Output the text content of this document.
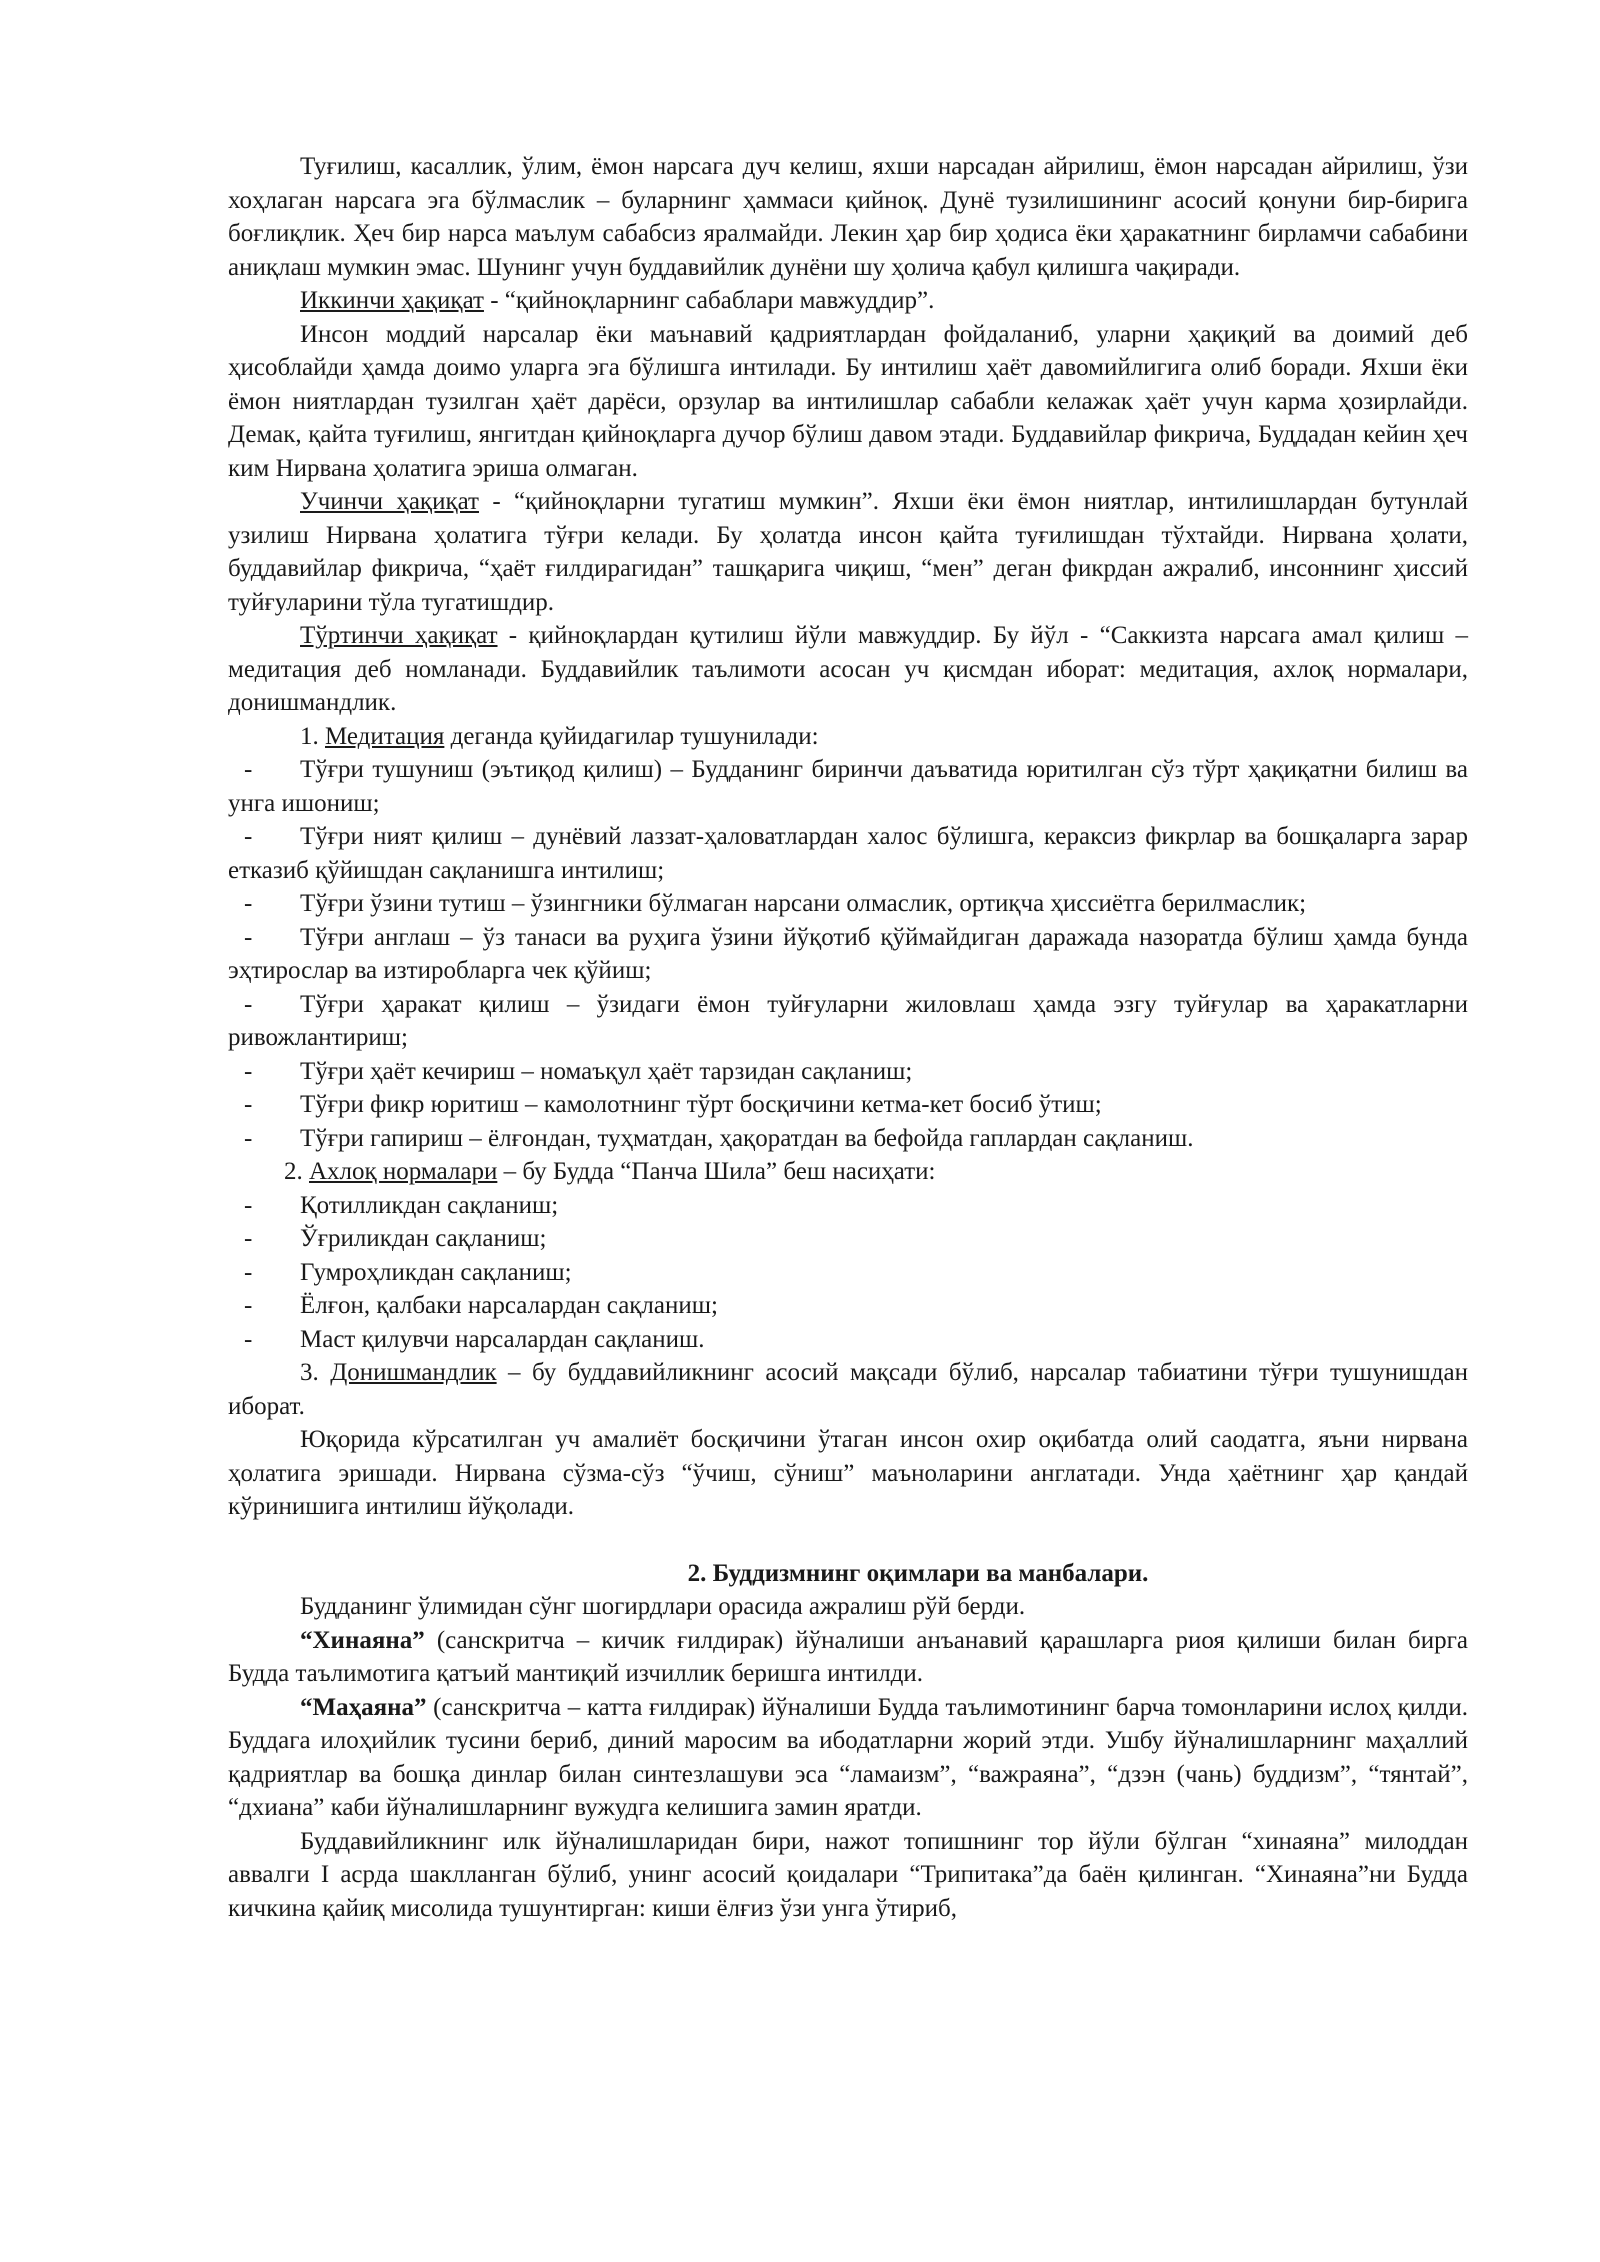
Туғилиш, касаллик, ўлим, ёмон нарсага дуч келиш, яхши нарсадан айрилиш, ёмон нарсадан айрилиш, ўзи хоҳлаган нарсага эга бўлмаслик – буларнинг ҳаммаси қийноқ. Дунё тузилишининг асосий қонуни бир-бирига боғлиқлик. Ҳеч бир нарса маълум сабабсиз яралмайди. Лекин ҳар бир ҳодиса ёки ҳаракатнинг бирламчи сабабини аниқлаш мумкин эмас. Шунинг учун буддавийлик дунёни шу ҳолича қабул қилишга чақиради.

Иккинчи ҳақиқат - “қийноқларнинг сабаблари мавжуддир”.

Инсон моддий нарсалар ёки маънавий қадриятлардан фойдаланиб, уларни ҳақиқий ва доимий деб ҳисоблайди ҳамда доимо уларга эга бўлишга интилади. Бу интилиш ҳаёт давомийлигига олиб боради. Яхши ёки ёмон ниятлардан тузилган ҳаёт дарёси, орзулар ва интилишлар сабабли келажак ҳаёт учун карма ҳозирлайди. Демак, қайта туғилиш, янгитдан қийноқларга дучор бўлиш давом этади. Буддавийлар фикрича, Буддадан кейин ҳеч ким Нирвана ҳолатига эриша олмаган.

Учинчи ҳақиқат - “қийноқларни тугатиш мумкин”. Яхши ёки ёмон ниятлар, интилишлардан бутунлай узилиш Нирвана ҳолатига тўғри келади. Бу ҳолатда инсон қайта туғилишдан тўхтайди. Нирвана ҳолати, буддавийлар фикрича, “ҳаёт ғилдирагидан” ташқарига чиқиш, “мен” деган фикрдан ажралиб, инсоннинг ҳиссий туйғуларини тўла тугатишдир.

Тўртинчи ҳақиқат - қийноқлардан қутилиш йўли мавжуддир. Бу йўл - “Саккизта нарсага амал қилиш – медитация деб номланади. Буддавийлик таълимоти асосан уч қисмдан иборат: медитация, ахлоқ нормалари, донишмандлик.

1. Медитация деганда қуйидагилар тушунилади:

- Тўғри тушуниш (эътиқод қилиш) – Будданинг биринчи даъватида юритилган сўз тўрт ҳақиқатни билиш ва унга ишониш;

- Тўғри ният қилиш – дунёвий лаззат-ҳаловатлардан халос бўлишга, кераксиз фикрлар ва бошқаларга зарар етказиб қўйишдан сақланишга интилиш;

- Тўғри ўзини тутиш – ўзингники бўлмаган нарсани олмаслик, ортиқча ҳиссиётга берилмаслик;

- Тўғри англаш – ўз танаси ва руҳига ўзини йўқотиб қўймайдиган даражада назоратда бўлиш ҳамда бунда эҳтирослар ва изтиробларга чек қўйиш;

- Тўғри ҳаракат қилиш – ўзидаги ёмон туйғуларни жиловлаш ҳамда эзгу туйғулар ва ҳаракатларни ривожлантириш;

- Тўғри ҳаёт кечириш – номаъқул ҳаёт тарзидан сақланиш;

- Тўғри фикр юритиш – камолотнинг тўрт босқичини кетма-кет босиб ўтиш;

- Тўғри гапириш – ёлғондан, туҳматдан, ҳақоратдан ва бефойда гаплардан сақланиш.

2. Ахлоқ нормалари – бу Будда “Панча Шила” беш насиҳати:

- Қотилликдан сақланиш;

- Ўғриликдан сақланиш;

- Гумроҳликдан сақланиш;

- Ёлғон, қалбаки нарсалардан сақланиш;

- Маст қилувчи нарсалардан сақланиш.

3. Донишмандлик – бу буддавийликнинг асосий мақсади бўлиб, нарсалар табиатини тўғри тушунишдан иборат.

Юқорида кўрсатилган уч амалиёт босқичини ўтаган инсон охир оқибатда олий саодатга, яъни нирвана ҳолатига эришади. Нирвана сўзма-сўз “ўчиш, сўниш” маъноларини англатади. Унда ҳаётнинг ҳар қандай кўринишига интилиш йўқолади.

2. Буддизмнинг оқимлари ва манбалари.

Будданинг ўлимидан сўнг шогирдлари орасида ажралиш рўй берди.

“Хинаяна” (санскритча – кичик ғилдирак) йўналиши анъанавий қарашларга риоя қилиши билан бирга Будда таълимотига қатъий мантиқий изчиллик беришга интилди.

“Маҳаяна” (санскритча – катта ғилдирак) йўналиши Будда таълимотининг барча томонларини ислоҳ қилди. Буддага илоҳийлик тусини бериб, диний маросим ва ибодатларни жорий этди. Ушбу йўналишларнинг маҳаллий қадриятлар ва бошқа динлар билан синтезлашуви эса “ламаизм”, “важраяна”, “дзэн (чань) буддизм”, “тянтай”, “дхиана” каби йўналишларнинг вужудга келишига замин яратди.

Буддавийликнинг илк йўналишларидан бири, нажот топишнинг тор йўли бўлган “хинаяна” милоддан аввалги I асрда шаклланган бўлиб, унинг асосий қоидалари “Трипитака”да баён қилинган. “Хинаяна”ни Будда кичкина қайиқ мисолида тушунтирган: киши ёлғиз ўзи унга ўтириб,
